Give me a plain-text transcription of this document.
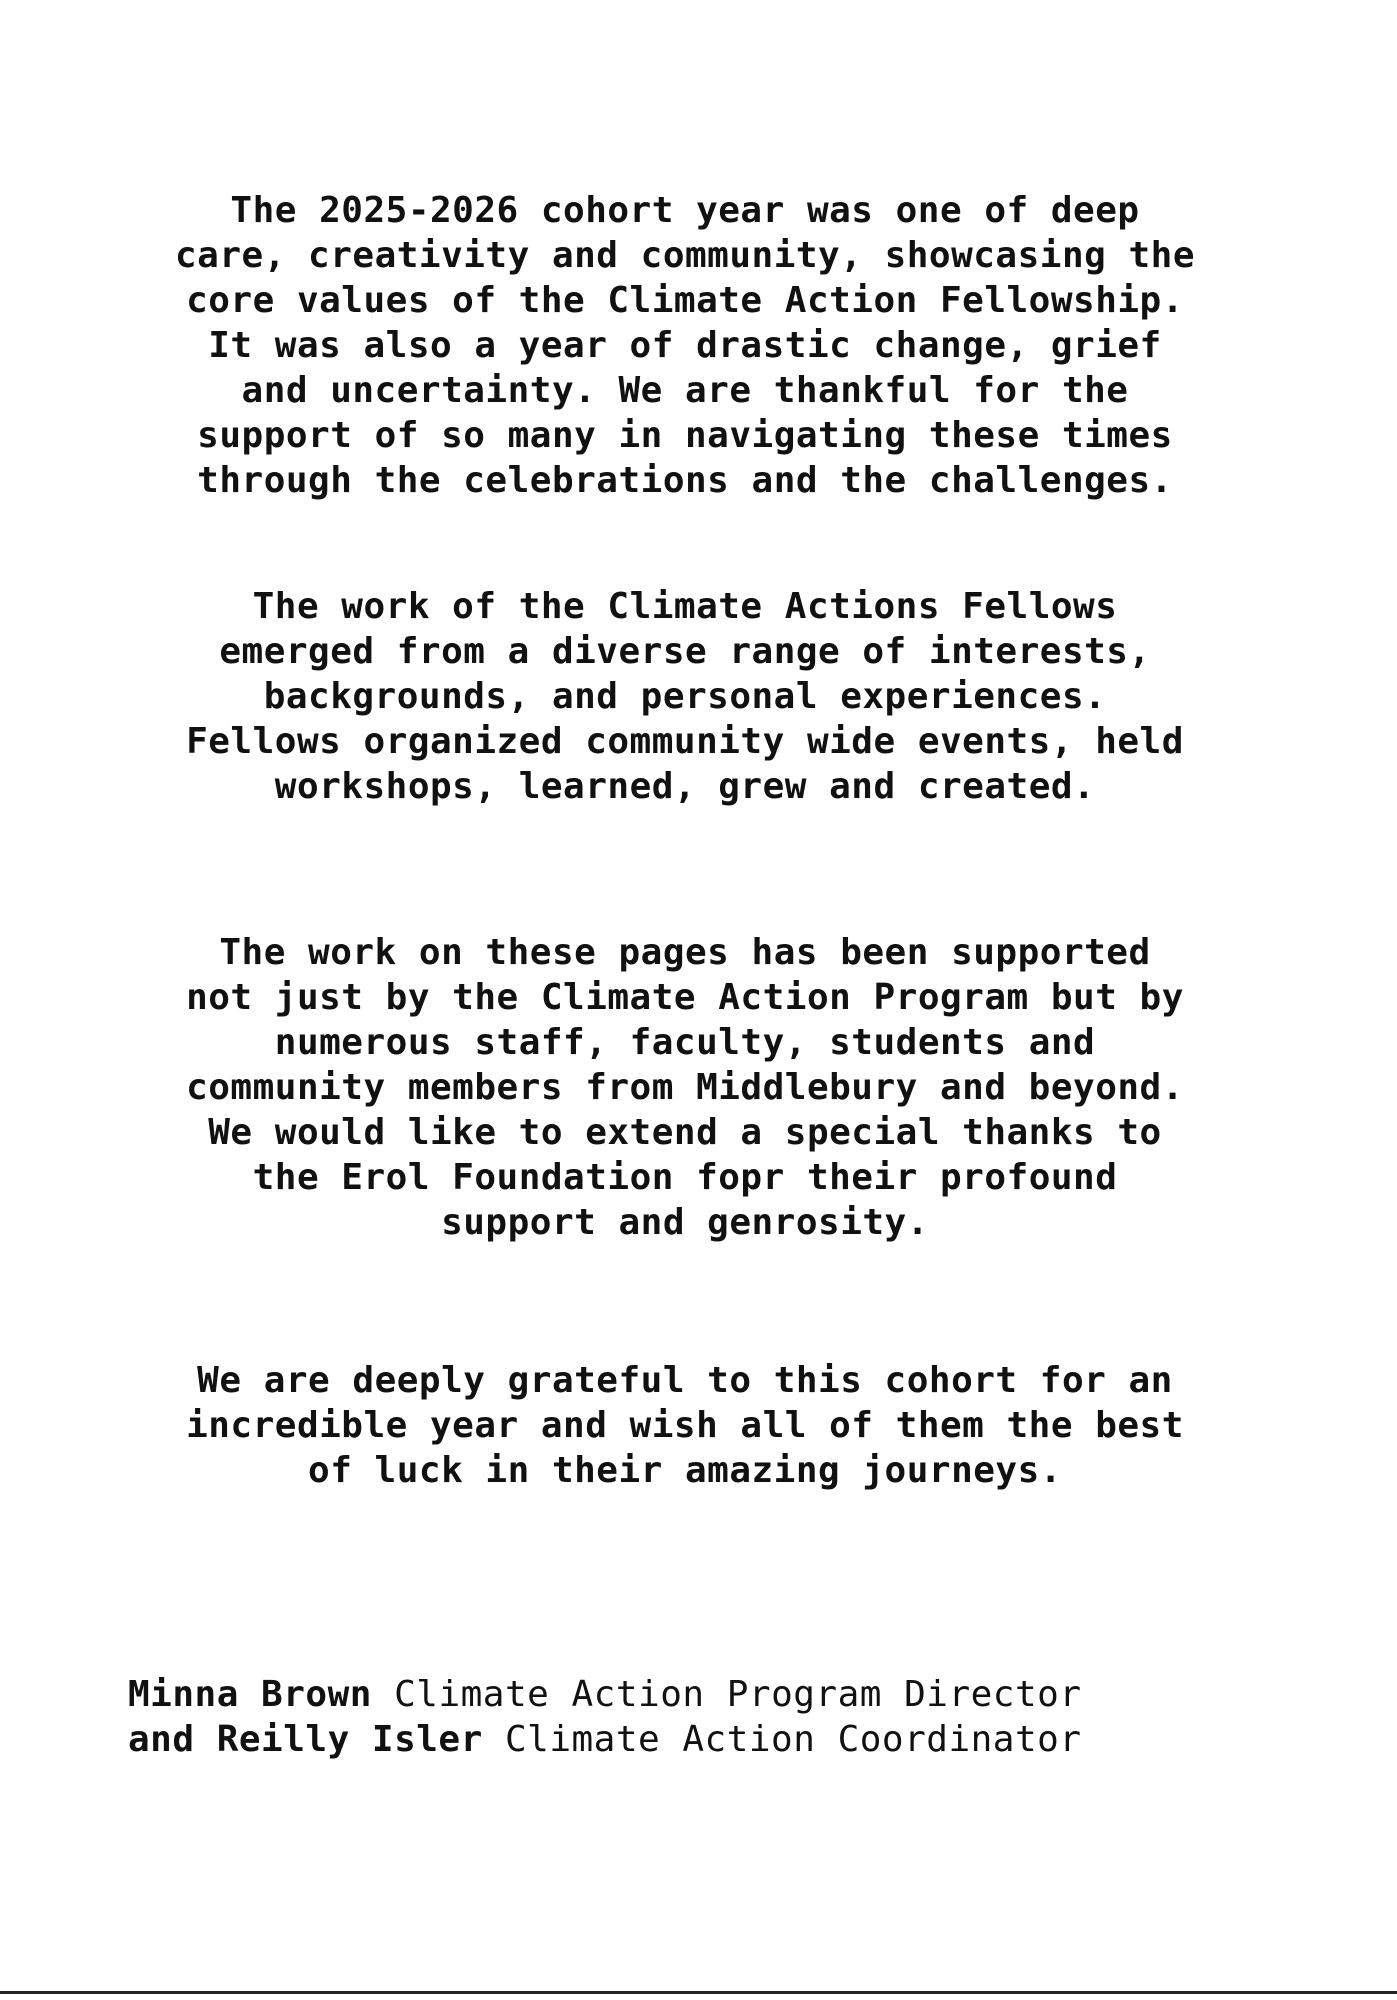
The 2025-2026 cohort year was one of deep
care, creativity and community, showcasing the
core values of the Climate Action Fellowship.
It was also a year of drastic change, grief
and uncertainty. We are thankful for the
support of so many in navigating these times
through the celebrations and the challenges.

The work of the Climate Actions Fellows
emerged from a diverse range of interests,
backgrounds, and personal experiences.
Fellows organized community wide events, held
workshops, learned, grew and created.

The work on these pages has been supported
not just by the Climate Action Program but by
numerous staff, faculty, students and
community members from Middlebury and beyond.
We would like to extend a special thanks to
the Erol Foundation fopr their profound
support and genrosity.

We are deeply grateful to this cohort for an
incredible year and wish all of them the best
of luck in their amazing journeys.

Minna Brown Climate Action Program Director
and Reilly Isler Climate Action Coordinator
